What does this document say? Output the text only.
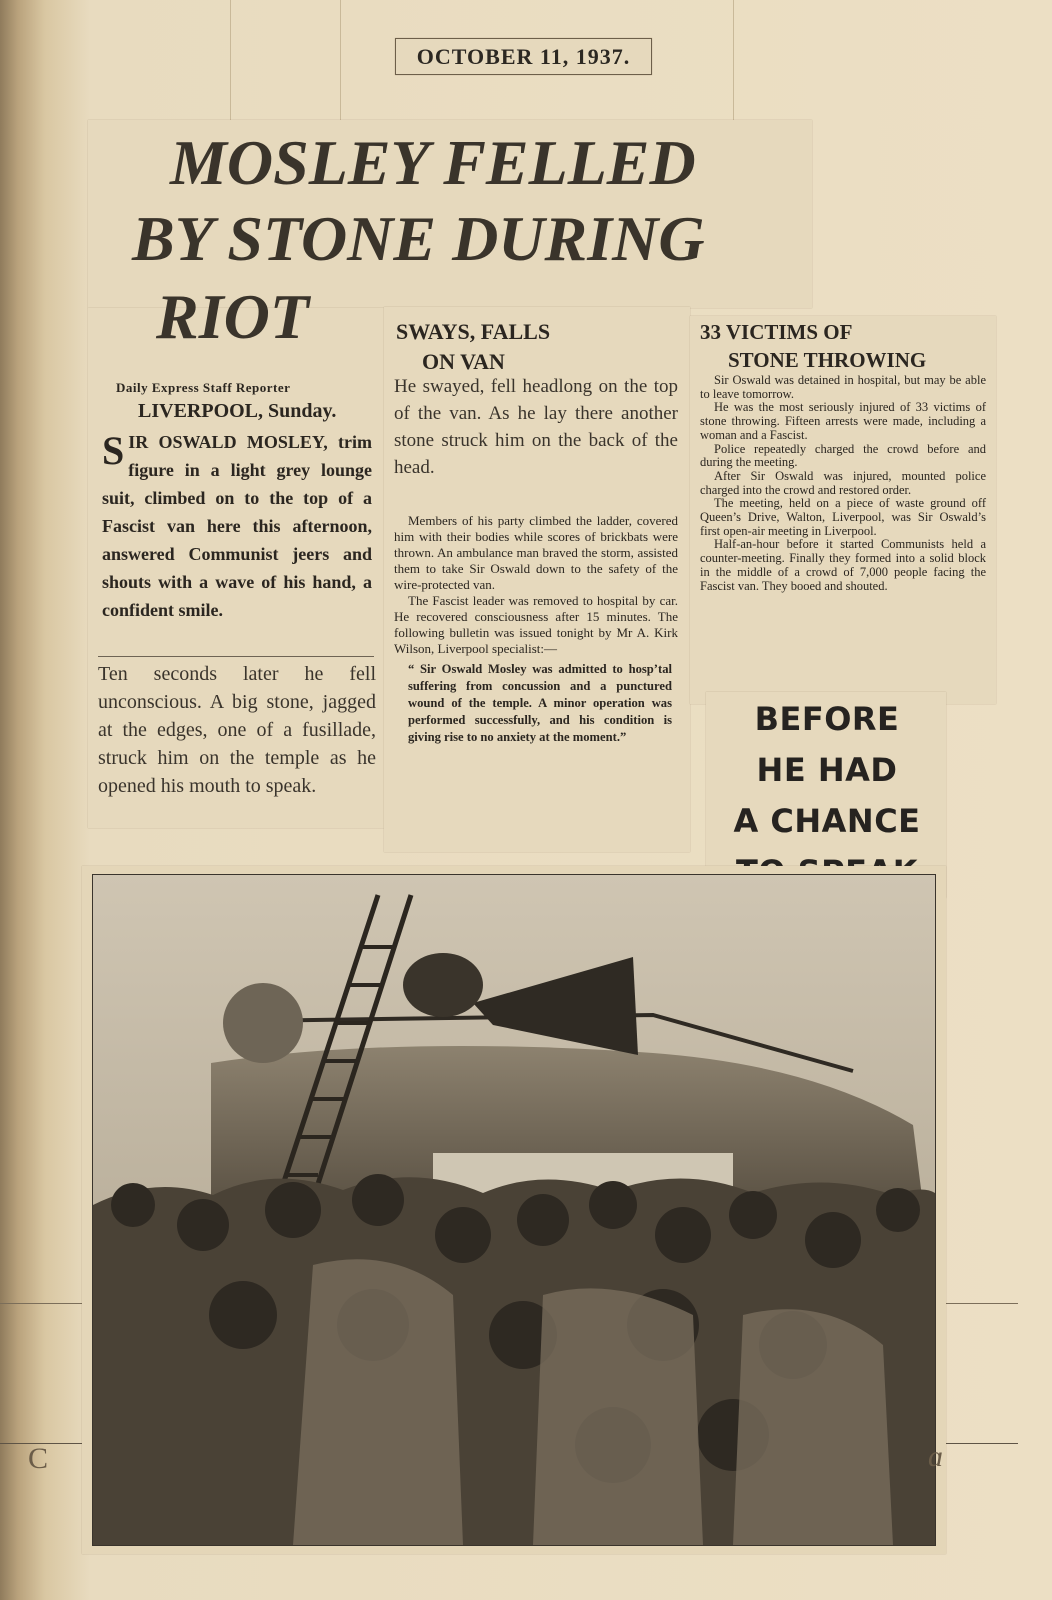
OCTOBER 11, 1937.
MOSLEY FELLED
BY STONE DURING
RIOT
Daily Express Staff Reporter
LIVERPOOL, Sunday.
SIR OSWALD MOSLEY, trim figure in a light grey lounge suit, climbed on to the top of a Fascist van here this afternoon, answered Communist jeers and shouts with a wave of his hand, a confident smile.
Ten seconds later he fell unconscious. A big stone, jagged at the edges, one of a fusillade, struck him on the temple as he opened his mouth to speak.
SWAYS, FALLS
ON VAN
He swayed, fell headlong on the top of the van. As he lay there another stone struck him on the back of the head.

Members of his party climbed the ladder, covered him with their bodies while scores of brickbats were thrown. An ambulance man braved the storm, assisted them to take Sir Oswald down to the safety of the wire-protected van.

The Fascist leader was removed to hospital by car. He recovered consciousness after 15 minutes. The following bulletin was issued tonight by Mr A. Kirk Wilson, Liverpool specialist:—

“ Sir Oswald Mosley was admitted to hosp’tal suffering from concussion and a punctured wound of the temple. A minor operation was performed successfully, and his condition is giving rise to no anxiety at the moment.”

33 VICTIMS OF
STONE THROWING

Sir Oswald was detained in hospital, but may be able to leave tomorrow.

He was the most seriously injured of 33 victims of stone throwing. Fifteen arrests were made, including a woman and a Fascist.

Police repeatedly charged the crowd before and during the meeting.

After Sir Oswald was injured, mounted police charged into the crowd and restored order.

The meeting, held on a piece of waste ground off Queen’s Drive, Walton, Liverpool, was Sir Oswald’s first open-air meeting in Liverpool.

Half-an-hour before it started Communists held a counter-meeting. Finally they formed into a solid block in the middle of a crowd of 7,000 people facing the Fascist van. They booed and shouted.

BEFORE
HE HAD
A CHANCE
C	ɑ
